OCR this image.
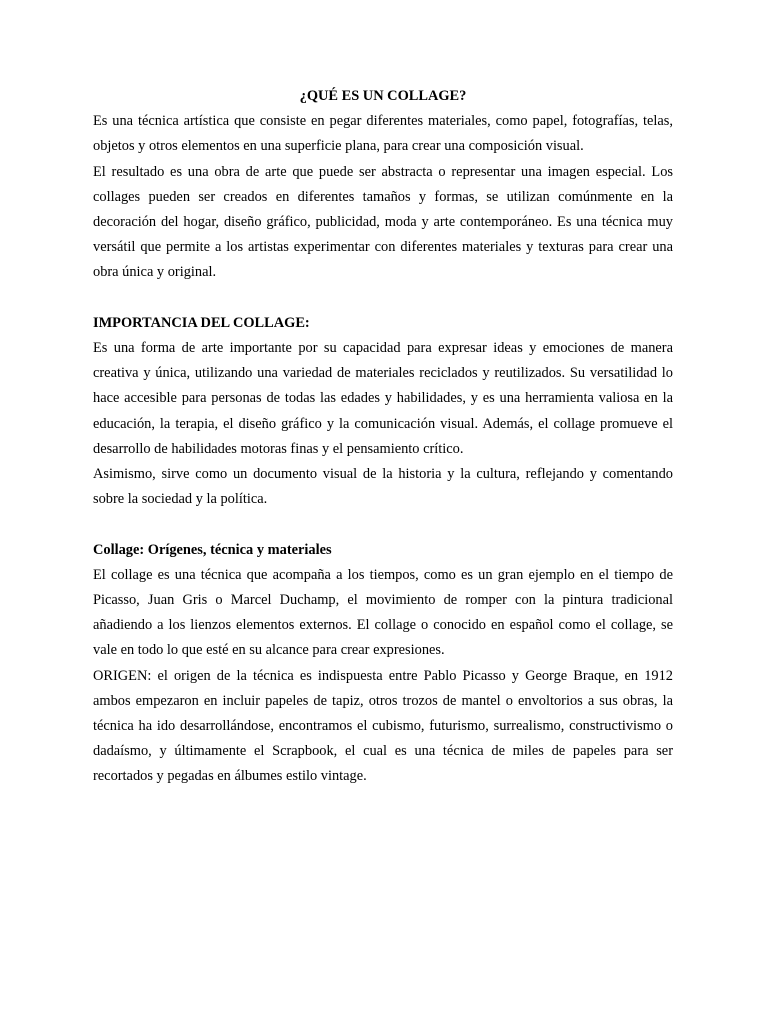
¿QUÉ ES UN COLLAGE?

Es una técnica artística que consiste en pegar diferentes materiales, como papel, fotografías, telas, objetos y otros elementos en una superficie plana, para crear una composición visual.

El resultado es una obra de arte que puede ser abstracta o representar una imagen especial. Los collages pueden ser creados en diferentes tamaños y formas, se utilizan comúnmente en la decoración del hogar, diseño gráfico, publicidad, moda y arte contemporáneo. Es una técnica muy versátil que permite a los artistas experimentar con diferentes materiales y texturas para crear una obra única y original.

IMPORTANCIA DEL COLLAGE:

Es una forma de arte importante por su capacidad para expresar ideas y emociones de manera creativa y única, utilizando una variedad de materiales reciclados y reutilizados. Su versatilidad lo hace accesible para personas de todas las edades y habilidades, y es una herramienta valiosa en la educación, la terapia, el diseño gráfico y la comunicación visual. Además, el collage promueve el desarrollo de habilidades motoras finas y el pensamiento crítico.

Asimismo, sirve como un documento visual de la historia y la cultura, reflejando y comentando sobre la sociedad y la política.

Collage: Orígenes, técnica y materiales

El collage es una técnica que acompaña a los tiempos, como es un gran ejemplo en el tiempo de Picasso, Juan Gris o Marcel Duchamp, el movimiento de romper con la pintura tradicional añadiendo a los lienzos elementos externos. El collage o conocido en español como el collage, se vale en todo lo que esté en su alcance para crear expresiones.

ORIGEN: el origen de la técnica es indispuesta entre Pablo Picasso y George Braque, en 1912 ambos empezaron en incluir papeles de tapiz, otros trozos de mantel o envoltorios a sus obras, la técnica ha ido desarrollándose, encontramos el cubismo, futurismo, surrealismo, constructivismo o dadaísmo, y últimamente el Scrapbook, el cual es una técnica de miles de papeles para ser recortados y pegadas en álbumes estilo vintage.
